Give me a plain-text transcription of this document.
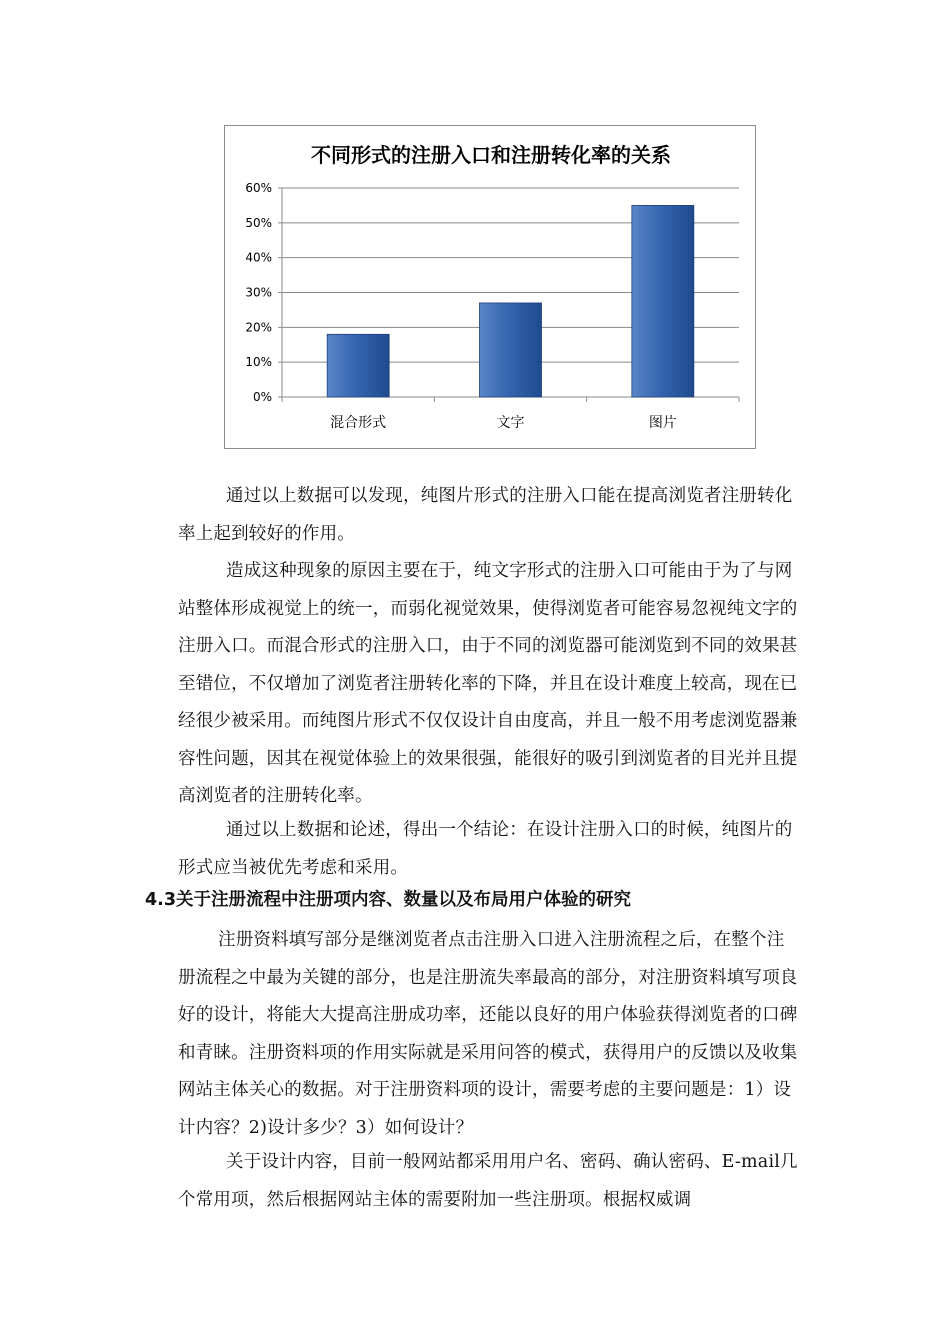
不同形式的注册入口和注册转化率的关系
0%
10%
20%
30%
40%
50%
60%
混合形式	文字	图片

通过以上数据可以发现，纯图片形式的注册入口能在提高浏览者注册转化率上起到较好的作用。

造成这种现象的原因主要在于，纯文字形式的注册入口可能由于为了与网站整体形成视觉上的统一，而弱化视觉效果，使得浏览者可能容易忽视纯文字的注册入口。而混合形式的注册入口，由于不同的浏览器可能浏览到不同的效果甚至错位，不仅增加了浏览者注册转化率的下降，并且在设计难度上较高，现在已经很少被采用。而纯图片形式不仅仅设计自由度高，并且一般不用考虑浏览器兼容性问题，因其在视觉体验上的效果很强，能很好的吸引到浏览者的目光并且提高浏览者的注册转化率。

通过以上数据和论述，得出一个结论：在设计注册入口的时候，纯图片的形式应当被优先考虑和采用。

4.3关于注册流程中注册项内容、数量以及布局用户体验的研究

注册资料填写部分是继浏览者点击注册入口进入注册流程之后，在整个注册流程之中最为关键的部分，也是注册流失率最高的部分，对注册资料填写项良好的设计，将能大大提高注册成功率，还能以良好的用户体验获得浏览者的口碑和青睐。注册资料项的作用实际就是采用问答的模式，获得用户的反馈以及收集网站主体关心的数据。对于注册资料项的设计，需要考虑的主要问题是：1）设计内容？2)设计多少？3）如何设计？

关于设计内容，目前一般网站都采用用户名、密码、确认密码、E-mail几个常用项，然后根据网站主体的需要附加一些注册项。根据权威调
